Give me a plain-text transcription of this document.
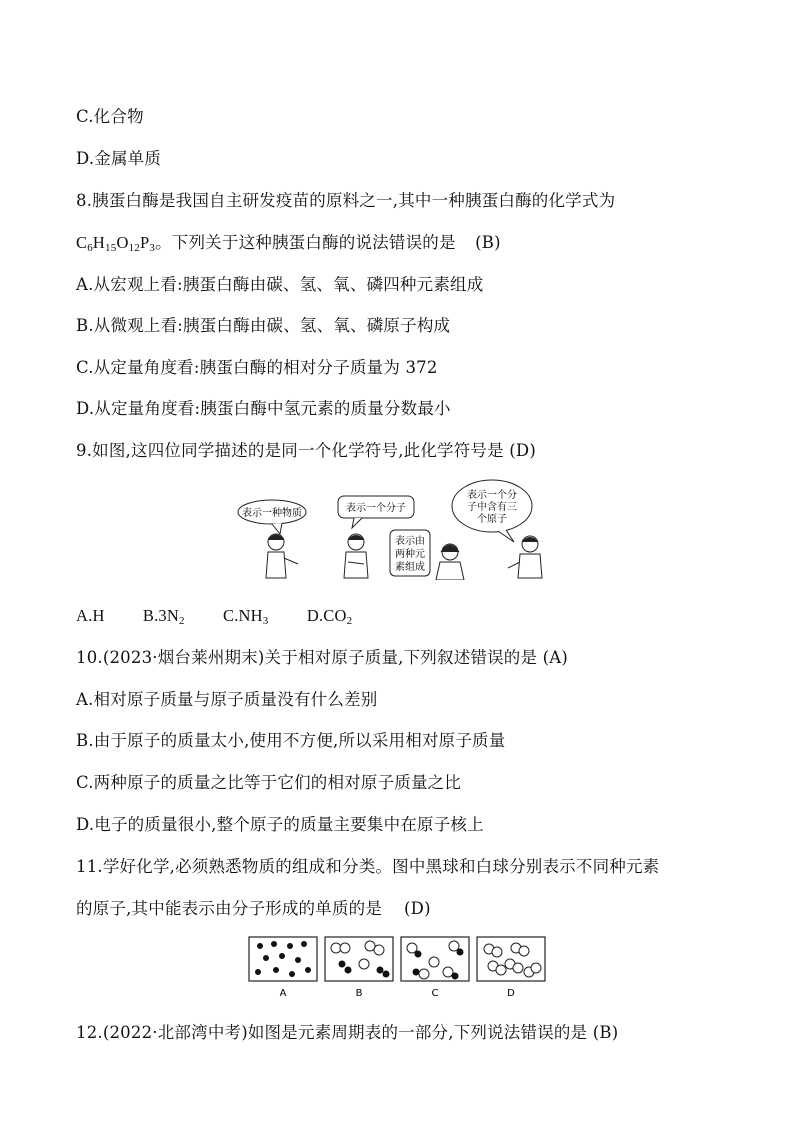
C.化合物
D.金属单质
8.胰蛋白酶是我国自主研发疫苗的原料之一,其中一种胰蛋白酶的化学式为
$C_6H_{15}O_{12}P_3$。下列关于这种胰蛋白酶的说法错误的是 (B)
A.从宏观上看:胰蛋白酶由碳、氢、氧、磷四种元素组成
B.从微观上看:胰蛋白酶由碳、氢、氧、磷原子构成
C.从定量角度看:胰蛋白酶的相对分子质量为 372
D.从定量角度看:胰蛋白酶中氢元素的质量分数最小
9.如图,这四位同学描述的是同一个化学符号,此化学符号是 (D)
表示一种物质	表示一个分子
表示由
两种元
素组成
表示一个分
子中含有三
个原子
A.H $B.3N_2$ $C.NH_3$ $D.CO_2$
10.(2023·烟台莱州期末)关于相对原子质量,下列叙述错误的是 (A)
A.相对原子质量与原子质量没有什么差别
B.由于原子的质量太小,使用不方便,所以采用相对原子质量
C.两种原子的质量之比等于它们的相对原子质量之比
D.电子的质量很小,整个原子的质量主要集中在原子核上
11.学好化学,必须熟悉物质的组成和分类。图中黑球和白球分别表示不同种元素
的原子,其中能表示由分子形成的单质的是 (D)
A	B	C	D
12.(2022·北部湾中考)如图是元素周期表的一部分,下列说法错误的是 (B)
